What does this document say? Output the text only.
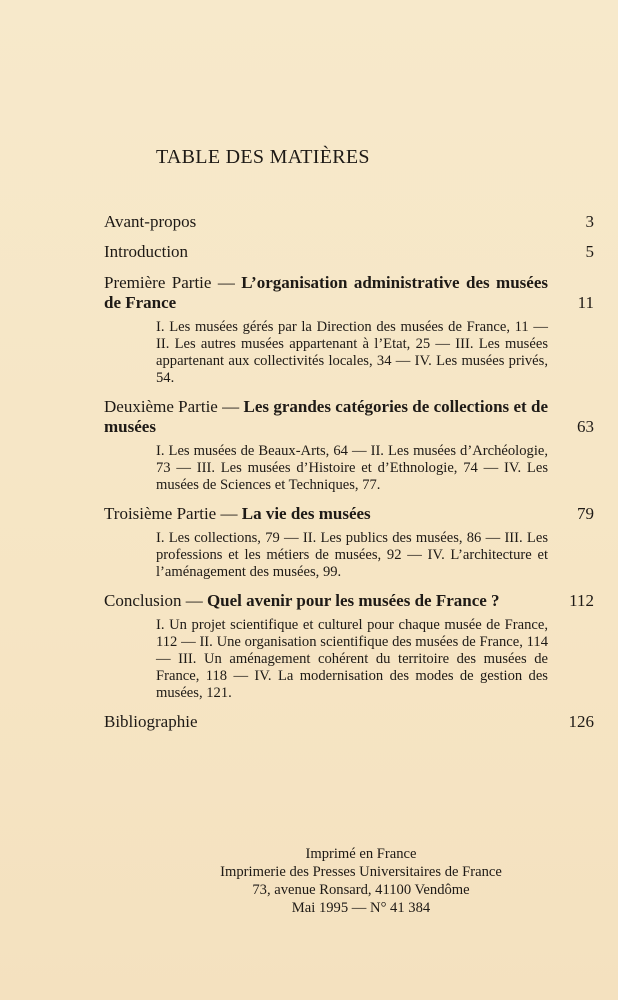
TABLE DES MATIÈRES
Avant-propos	3
Introduction	5
Première Partie — L’organisation administrative des musées de France	11
I. Les musées gérés par la Direction des musées de France, 11 — II. Les autres musées appartenant à l’Etat, 25 — III. Les musées appartenant aux collectivités locales, 34 — IV. Les musées privés, 54.
Deuxième Partie — Les grandes catégories de collections et de musées	63
I. Les musées de Beaux-Arts, 64 — II. Les musées d’Archéologie, 73 — III. Les musées d’Histoire et d’Ethnologie, 74 — IV. Les musées de Sciences et Techniques, 77.
Troisième Partie — La vie des musées	79
I. Les collections, 79 — II. Les publics des musées, 86 — III. Les professions et les métiers de musées, 92 — IV. L’architecture et l’aménagement des musées, 99.
Conclusion — Quel avenir pour les musées de France ?	112
I. Un projet scientifique et culturel pour chaque musée de France, 112 — II. Une organisation scientifique des musées de France, 114 — III. Un aménagement cohérent du territoire des musées de France, 118 — IV. La modernisation des modes de gestion des musées, 121.
Bibliographie	126
Imprimé en France
Imprimerie des Presses Universitaires de France
73, avenue Ronsard, 41100 Vendôme
Mai 1995 — N° 41 384
